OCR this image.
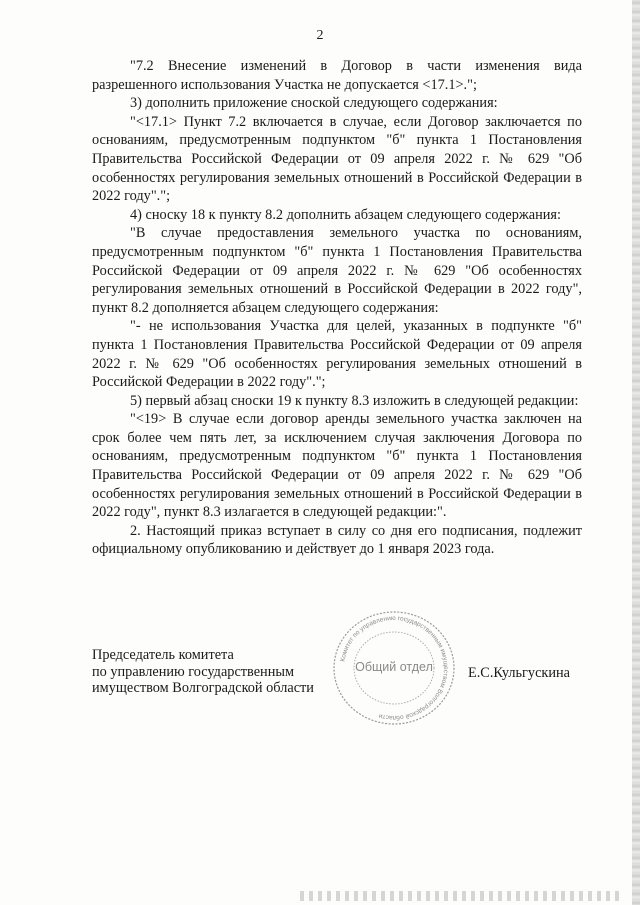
2

"7.2 Внесение изменений в Договор в части изменения вида разрешенного использования Участка не допускается <17.1>.";

3) дополнить приложение сноской следующего содержания:

"<17.1> Пункт 7.2 включается в случае, если Договор заключается по основаниям, предусмотренным подпунктом "б" пункта 1 Постановления Правительства Российской Федерации от 09 апреля 2022 г. № 629 "Об особенностях регулирования земельных отношений в Российской Федерации в 2022 году".";

4) сноску 18 к пункту 8.2 дополнить абзацем следующего содержания:

"В случае предоставления земельного участка по основаниям, предусмотренным подпунктом "б" пункта 1 Постановления Правительства Российской Федерации от 09 апреля 2022 г. № 629 "Об особенностях регулирования земельных отношений в Российской Федерации в 2022 году", пункт 8.2 дополняется абзацем следующего содержания:

"- не использования Участка для целей, указанных в подпункте "б" пункта 1 Постановления Правительства Российской Федерации от 09 апреля 2022 г. № 629 "Об особенностях регулирования земельных отношений в Российской Федерации в 2022 году".";

5) первый абзац сноски 19 к пункту 8.3 изложить в следующей редакции:

"<19> В случае если договор аренды земельного участка заключен на срок более чем пять лет, за исключением случая заключения Договора по основаниям, предусмотренным подпунктом "б" пункта 1 Постановления Правительства Российской Федерации от 09 апреля 2022 г. № 629 "Об особенностях регулирования земельных отношений в Российской Федерации в 2022 году", пункт 8.3 излагается в следующей редакции:".

2. Настоящий приказ вступает в силу со дня его подписания, подлежит официальному опубликованию и действует до 1 января 2023 года.

Председатель комитета
по управлению государственным
имуществом Волгоградской области
Комитет по управлению государственным имуществом Волгоградской области
Общий отдел Е.С.Кульгускина
